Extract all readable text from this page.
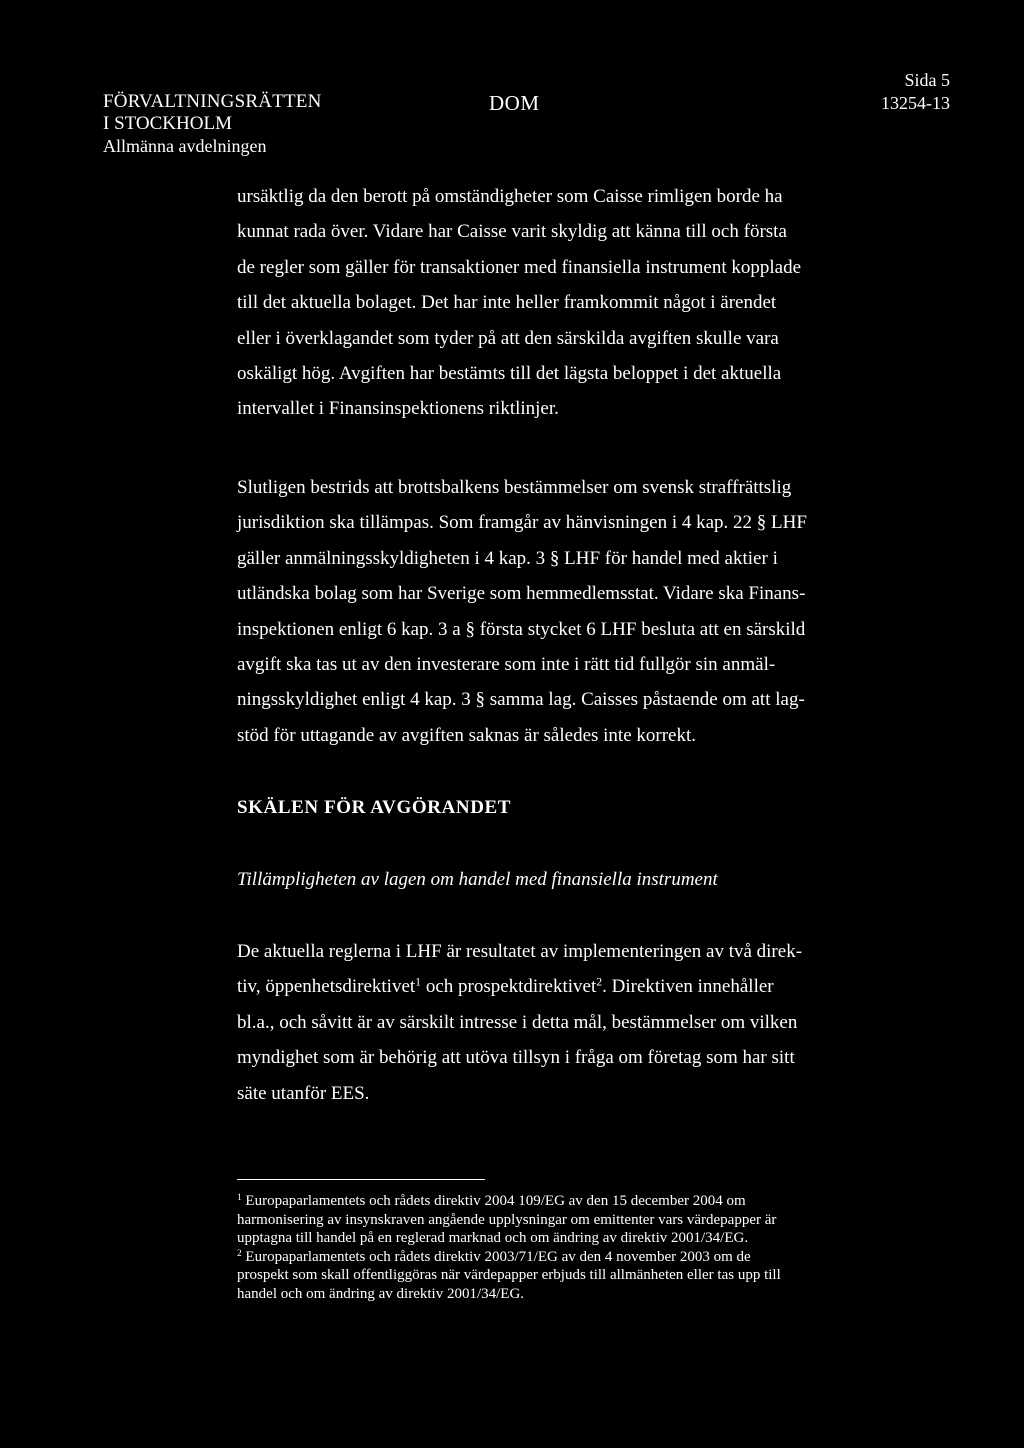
FÖRVALTNINGSRÄTTEN
I STOCKHOLM
Allmänna avdelningen
DOM
Sida 5
13254-13
ursäktlig da den berott på omständigheter som Caisse rimligen borde ha
kunnat rada över. Vidare har Caisse varit skyldig att känna till och första
de regler som gäller för transaktioner med finansiella instrument kopplade
till det aktuella bolaget. Det har inte heller framkommit något i ärendet
eller i överklagandet som tyder på att den särskilda avgiften skulle vara
oskäligt hög. Avgiften har bestämts till det lägsta beloppet i det aktuella
intervallet i Finansinspektionens riktlinjer.
Slutligen bestrids att brottsbalkens bestämmelser om svensk straffrättslig
jurisdiktion ska tillämpas. Som framgår av hänvisningen i 4 kap. 22 § LHF
gäller anmälningsskyldigheten i 4 kap. 3 § LHF för handel med aktier i
utländska bolag som har Sverige som hemmedlemsstat. Vidare ska Finans-
inspektionen enligt 6 kap. 3 a § första stycket 6 LHF besluta att en särskild
avgift ska tas ut av den investerare som inte i rätt tid fullgör sin anmäl-
ningsskyldighet enligt 4 kap. 3 § samma lag. Caisses påstaende om att lag-
stöd för uttagande av avgiften saknas är således inte korrekt.
SKÄLEN FÖR AVGÖRANDET
Tillämpligheten av lagen om handel med finansiella instrument
De aktuella reglerna i LHF är resultatet av implementeringen av två direk-
tiv, öppenhetsdirektivet$^1$ och prospektdirektivet$^2$. Direktiven innehåller
bl.a., och såvitt är av särskilt intresse i detta mål, bestämmelser om vilken
myndighet som är behörig att utöva tillsyn i fråga om företag som har sitt
säte utanför EES.
$^1$ Europaparlamentets och rådets direktiv 2004 109/EG av den 15 december 2004 om
harmonisering av insynskraven angående upplysningar om emittenter vars värdepapper är
upptagna till handel på en reglerad marknad och om ändring av direktiv 2001/34/EG.
$^2$ Europaparlamentets och rådets direktiv 2003/71/EG av den 4 november 2003 om de
prospekt som skall offentliggöras när värdepapper erbjuds till allmänheten eller tas upp till
handel och om ändring av direktiv 2001/34/EG.
